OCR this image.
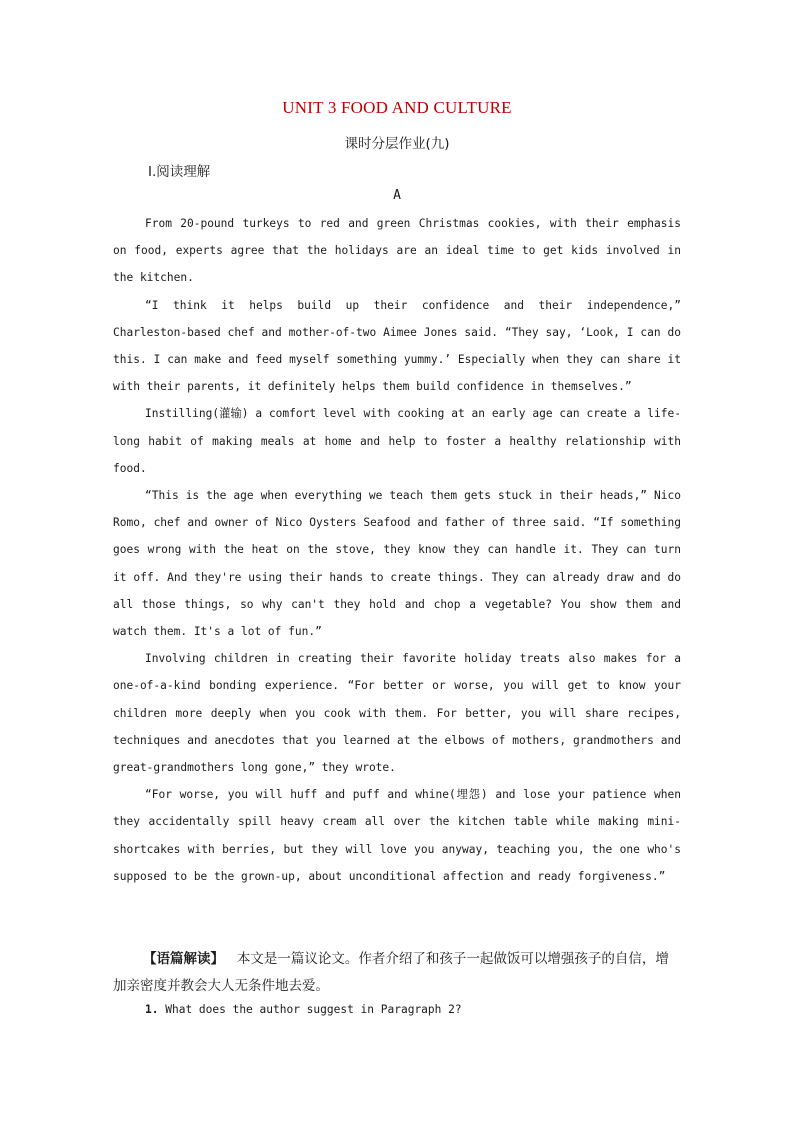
UNIT 3 FOOD AND CULTURE
课时分层作业(九)
Ⅰ.阅读理解
A

From 20-pound turkeys to red and green Christmas cookies, with their emphasis on food, experts agree that the holidays are an ideal time to get kids involved in the kitchen.

“I think it helps build up their confidence and their independence,” Charleston-based chef and mother-of-two Aimee Jones said. “They say, ‘Look, I can do this. I can make and feed myself something yummy.’ Especially when they can share it with their parents, it definitely helps them build confidence in themselves.”

Instilling(灌输) a comfort level with cooking at an early age can create a life-long habit of making meals at home and help to foster a healthy relationship with food.

“This is the age when everything we teach them gets stuck in their heads,” Nico Romo, chef and owner of Nico Oysters Seafood and father of three said. “If something goes wrong with the heat on the stove, they know they can handle it. They can turn it off. And they're using their hands to create things. They can already draw and do all those things, so why can't they hold and chop a vegetable? You show them and watch them. It's a lot of fun.”

Involving children in creating their favorite holiday treats also makes for a one-of-a-kind bonding experience. “For better or worse, you will get to know your children more deeply when you cook with them. For better, you will share recipes, techniques and anecdotes that you learned at the elbows of mothers, grandmothers and great-grandmothers long gone,” they wrote.

“For worse, you will huff and puff and whine(埋怨) and lose your patience when they accidentally spill heavy cream all over the kitchen table while making mini-shortcakes with berries, but they will love you anyway, teaching you, the one who's supposed to be the grown-up, about unconditional affection and ready forgiveness.”

【语篇解读】 本文是一篇议论文。作者介绍了和孩子一起做饭可以增强孩子的自信，增加亲密度并教会大人无条件地去爱。

1. What does the author suggest in Paragraph 2?
